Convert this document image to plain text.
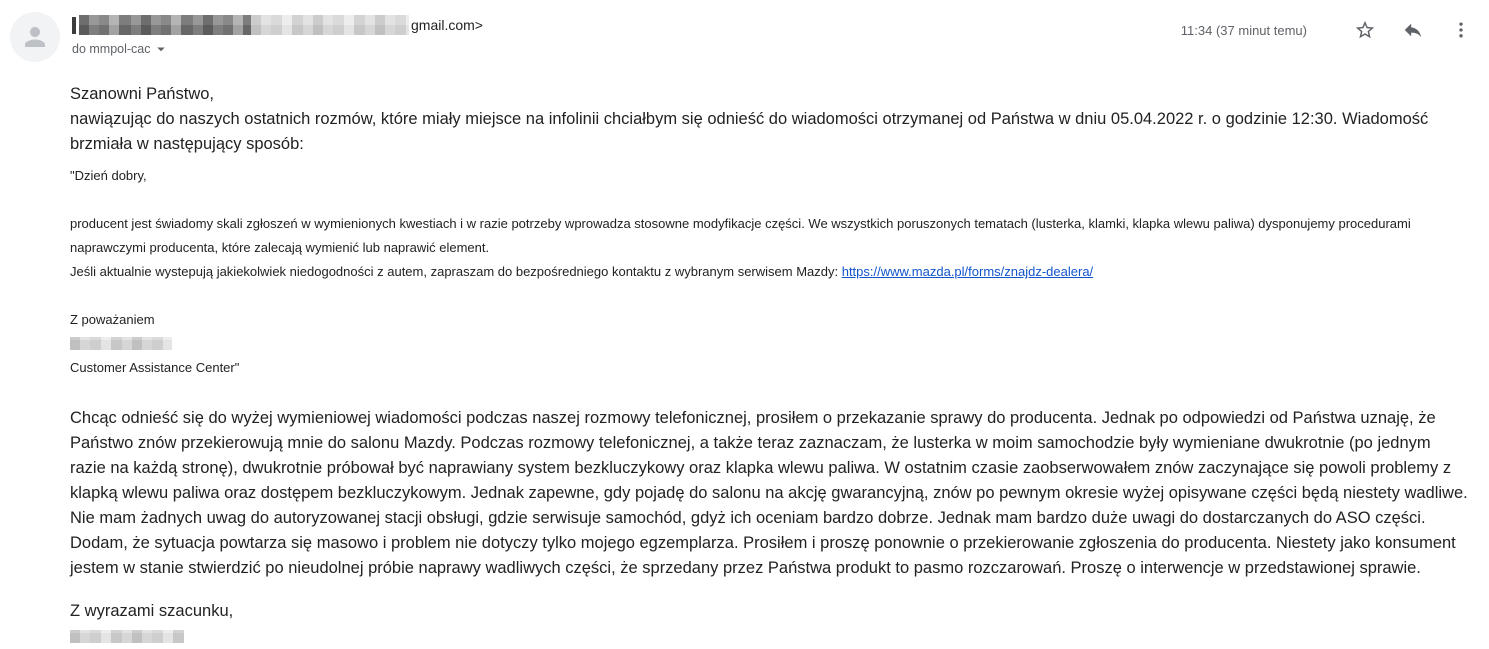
gmail.com>
do mmpol-cac
11:34 (37 minut temu)

Szanowni Państwo,
nawiązując do naszych ostatnich rozmów, które miały miejsce na infolinii chciałbym się odnieść do wiadomości otrzymanej od Państwa w dniu 05.04.2022 r. o godzinie 12:30. Wiadomość brzmiała w następujący sposób:

"Dzień dobry,

producent jest świadomy skali zgłoszeń w wymienionych kwestiach i w razie potrzeby wprowadza stosowne modyfikacje części. We wszystkich poruszonych tematach (lusterka, klamki, klapka wlewu paliwa) dysponujemy procedurami naprawczymi producenta, które zalecają wymienić lub naprawić element.

Jeśli aktualnie wystepują jakiekolwiek niedogodności z autem, zapraszam do bezpośredniego kontaktu z wybranym serwisem Mazdy: https://www.mazda.pl/forms/znajdz-dealera/

Z poważaniem

Customer Assistance Center"

Chcąc odnieść się do wyżej wymieniowej wiadomości podczas naszej rozmowy telefonicznej, prosiłem o przekazanie sprawy do producenta. Jednak po odpowiedzi od Państwa uznaję, że Państwo znów przekierowują mnie do salonu Mazdy. Podczas rozmowy telefonicznej, a także teraz zaznaczam, że lusterka w moim samochodzie były wymieniane dwukrotnie (po jednym razie na każdą stronę), dwukrotnie próbował być naprawiany system bezkluczykowy oraz klapka wlewu paliwa. W ostatnim czasie zaobserwowałem znów zaczynające się powoli problemy z klapką wlewu paliwa oraz dostępem bezkluczykowym. Jednak zapewne, gdy pojadę do salonu na akcję gwarancyjną, znów po pewnym okresie wyżej opisywane części będą niestety wadliwe. Nie mam żadnych uwag do autoryzowanej stacji obsługi, gdzie serwisuje samochód, gdyż ich oceniam bardzo dobrze. Jednak mam bardzo duże uwagi do dostarczanych do ASO części. Dodam, że sytuacja powtarza się masowo i problem nie dotyczy tylko mojego egzemplarza. Prosiłem i proszę ponownie o przekierowanie zgłoszenia do producenta. Niestety jako konsument jestem w stanie stwierdzić po nieudolnej próbie naprawy wadliwych części, że sprzedany przez Państwa produkt to pasmo rozczarowań. Proszę o interwencje w przedstawionej sprawie.

Z wyrazami szacunku,
